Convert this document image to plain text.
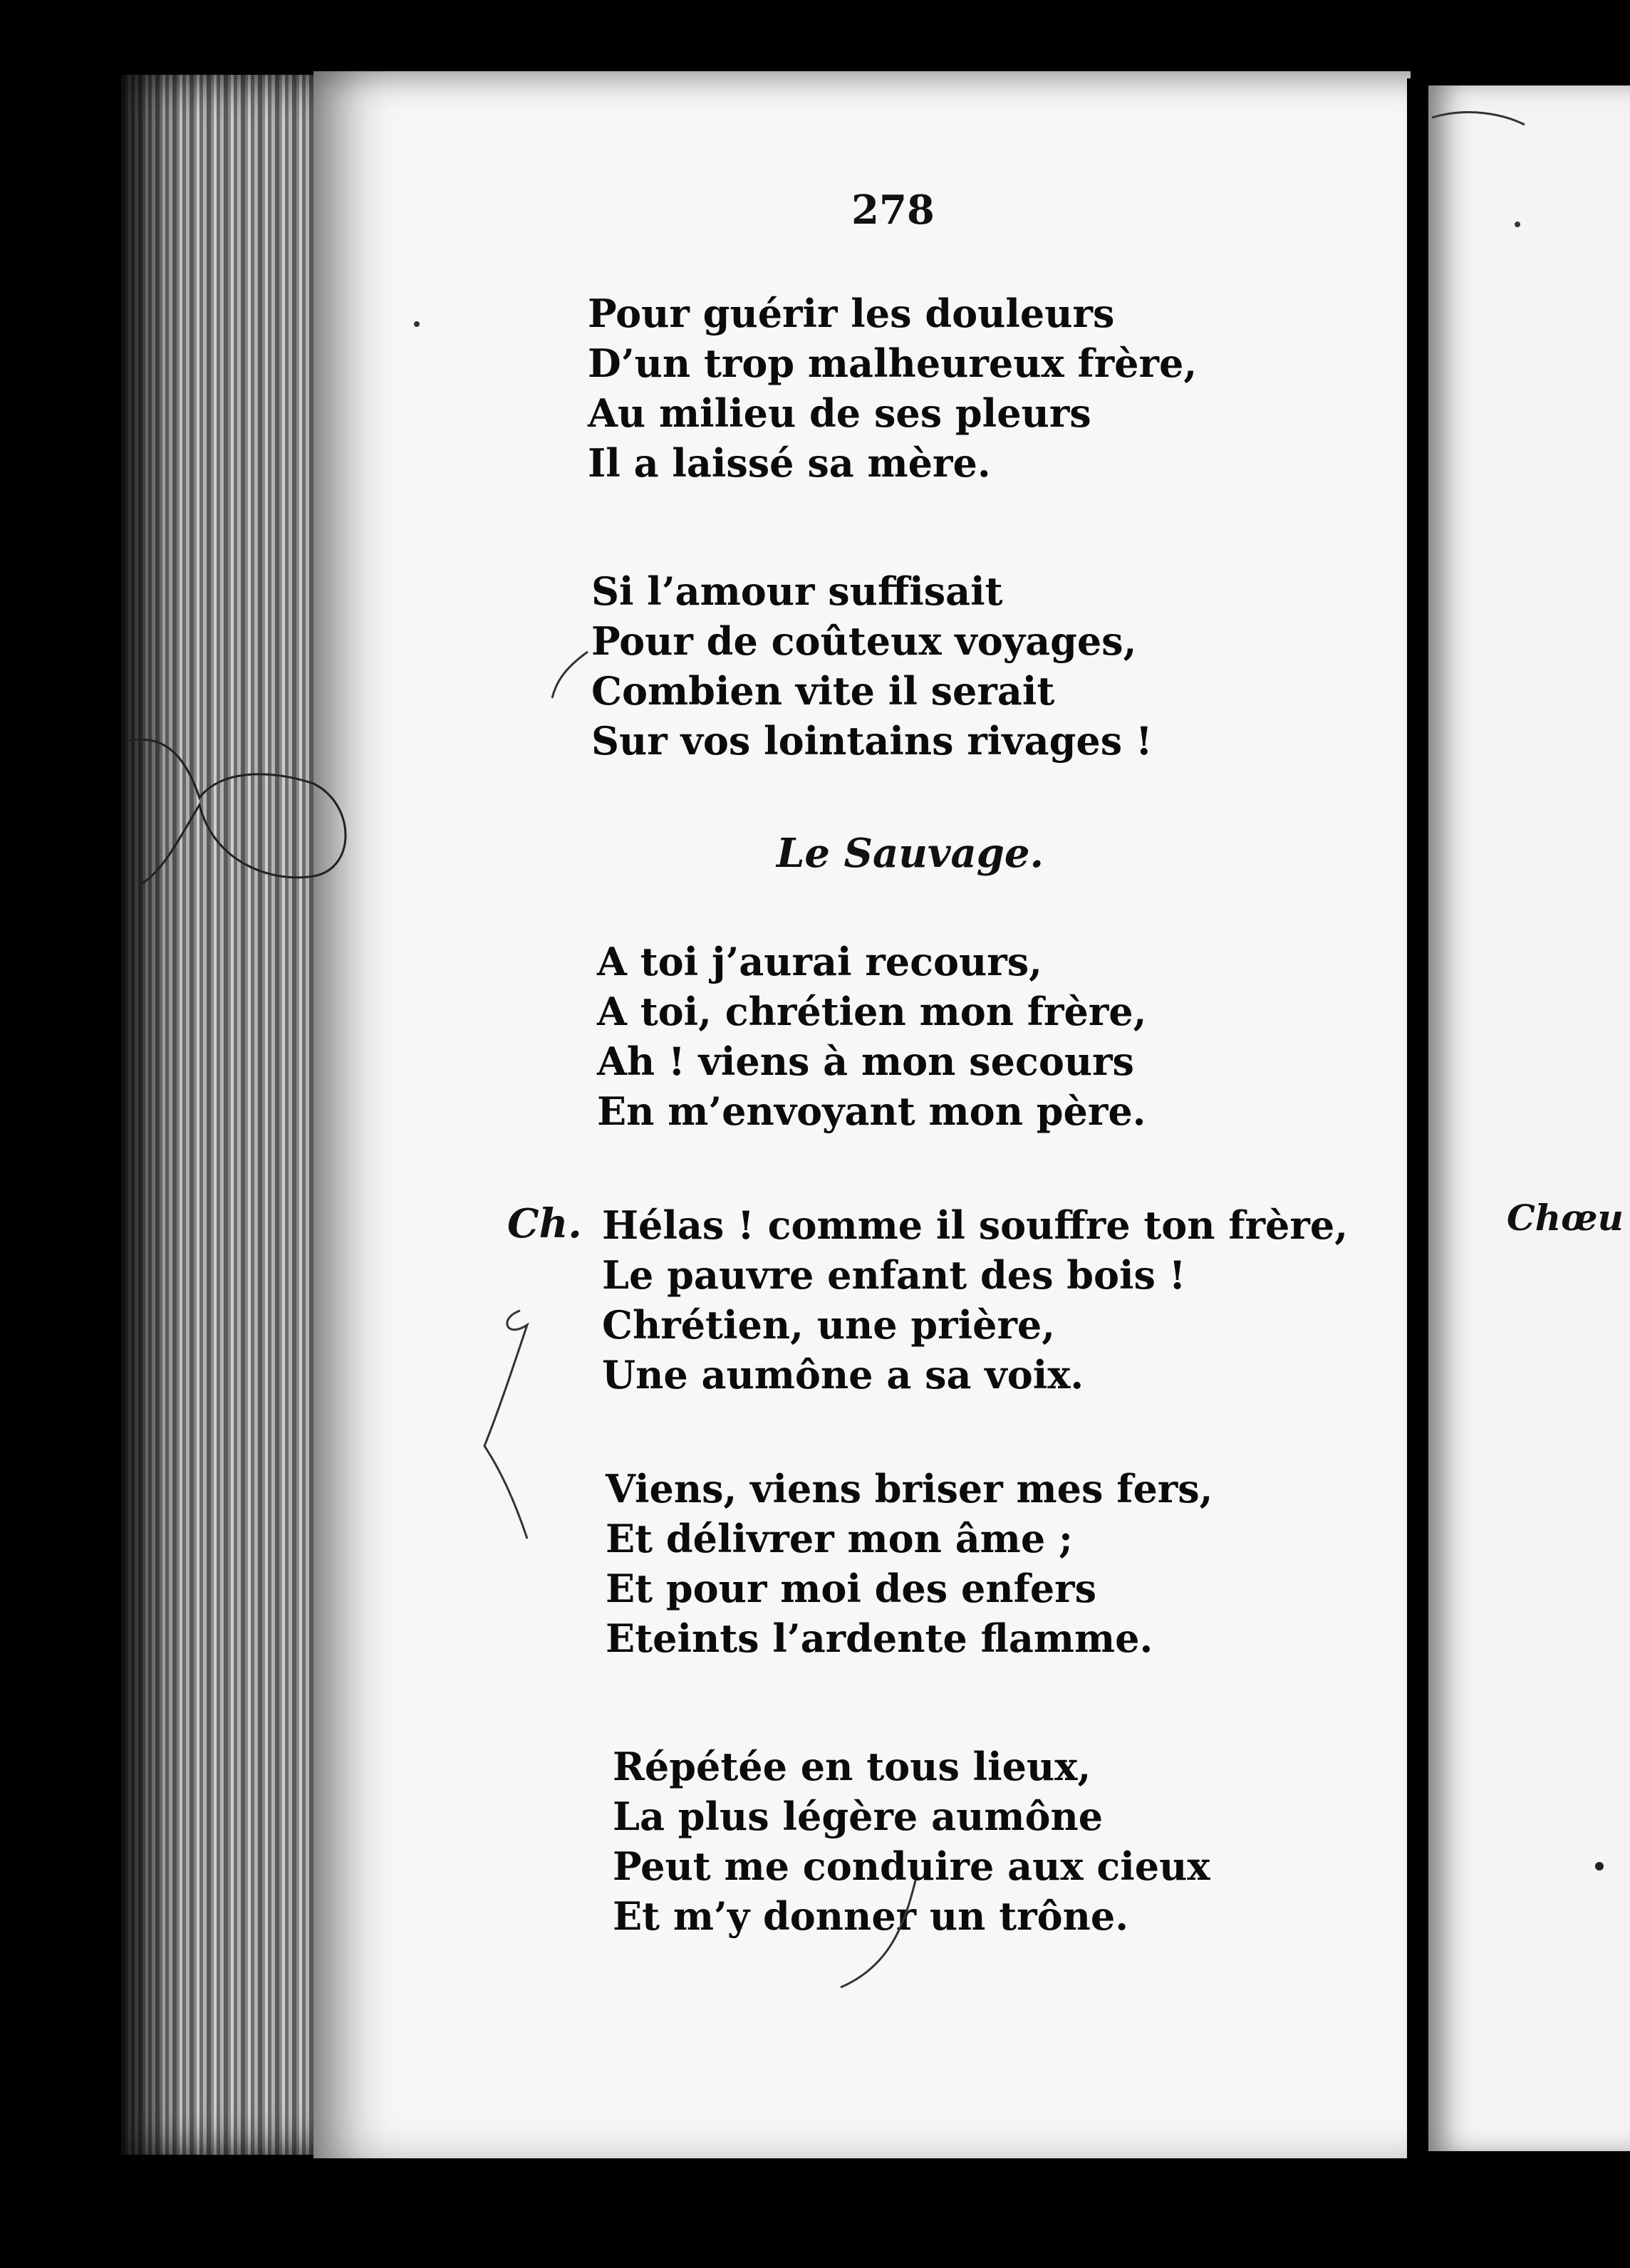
Chœu
278
Pour guérir les douleurs
D’un trop malheureux frère,
Au milieu de ses pleurs
Il a laissé sa mère.
Si l’amour suffisait
Pour de coûteux voyages,
Combien vite il serait
Sur vos lointains rivages !
Le Sauvage.
A toi j’aurai recours,
A toi, chrétien mon frère,
Ah ! viens à mon secours
En m’envoyant mon père.
Ch. Hélas ! comme il souffre ton frère,
Le pauvre enfant des bois !
Chrétien, une prière,
Une aumône a sa voix.
Viens, viens briser mes fers,
Et délivrer mon âme ;
Et pour moi des enfers
Eteints l’ardente flamme.
Répétée en tous lieux,
La plus légère aumône
Peut me conduire aux cieux
Et m’y donner un trône.
